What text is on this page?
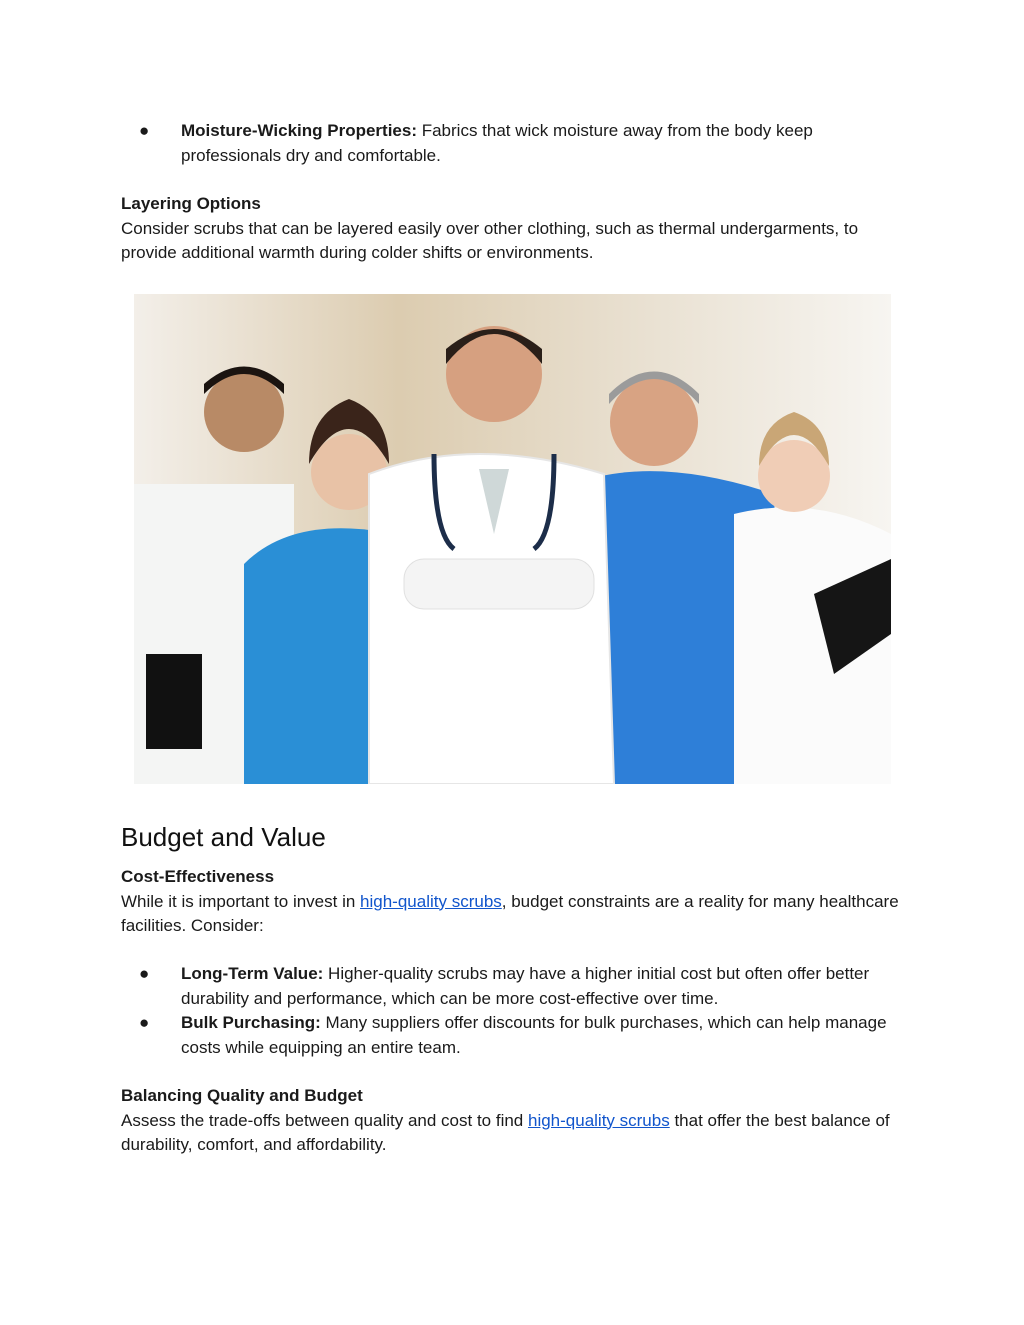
● Moisture-Wicking Properties: Fabrics that wick moisture away from the body keep professionals dry and comfortable.
Layering Options
Consider scrubs that can be layered easily over other clothing, such as thermal undergarments, to provide additional warmth during colder shifts or environments.
Budget and Value
Cost-Effectiveness
While it is important to invest in high-quality scrubs, budget constraints are a reality for many healthcare facilities. Consider:
● Long-Term Value: Higher-quality scrubs may have a higher initial cost but often offer better durability and performance, which can be more cost-effective over time.
● Bulk Purchasing: Many suppliers offer discounts for bulk purchases, which can help manage costs while equipping an entire team.
Balancing Quality and Budget
Assess the trade-offs between quality and cost to find high-quality scrubs that offer the best balance of durability, comfort, and affordability.
